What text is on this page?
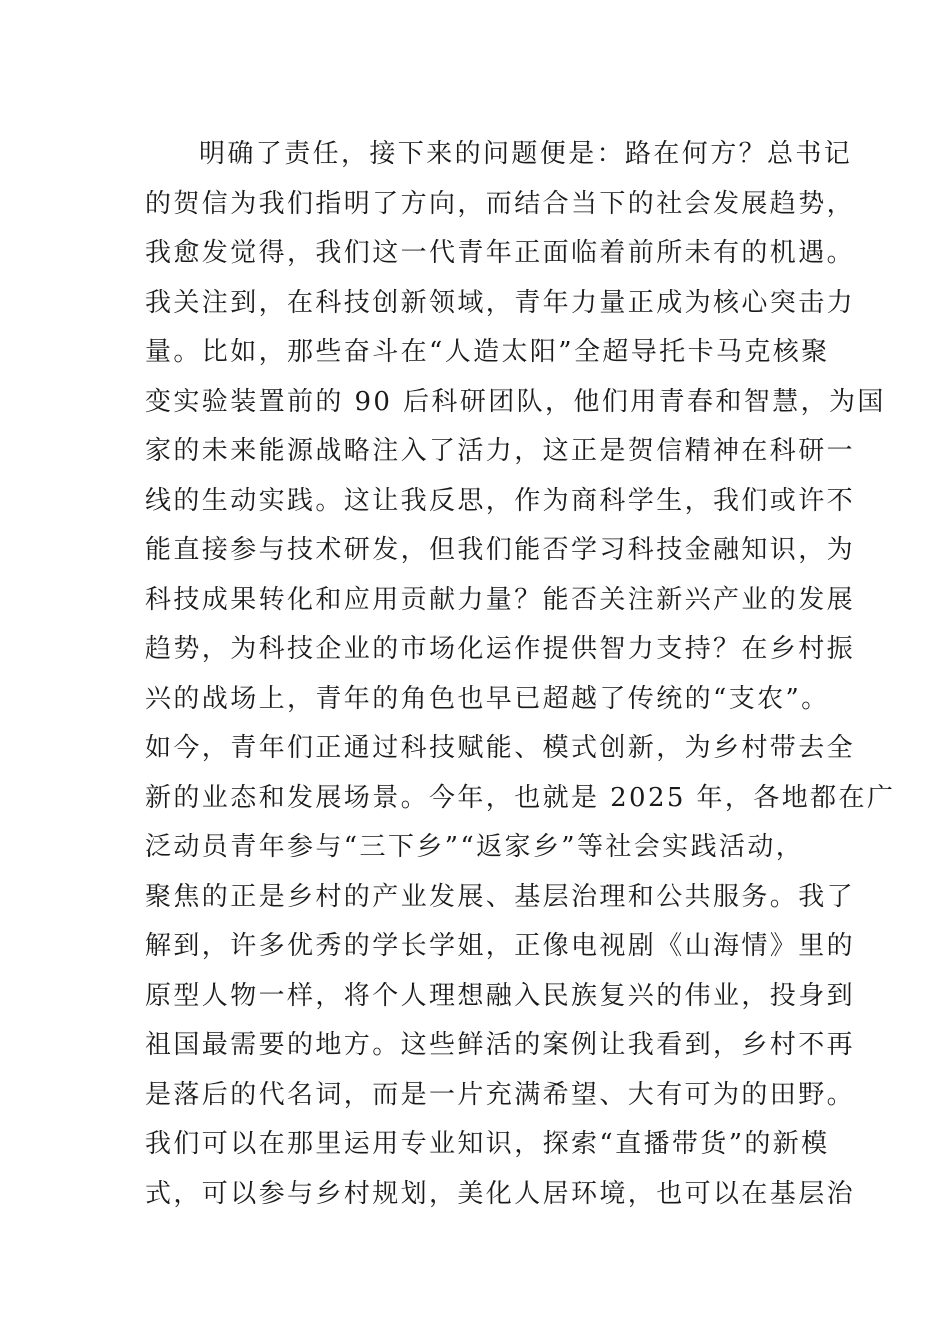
明确了责任，接下来的问题便是：路在何方？总书记
的贺信为我们指明了方向，而结合当下的社会发展趋势，
我愈发觉得，我们这一代青年正面临着前所未有的机遇。
我关注到，在科技创新领域，青年力量正成为核心突击力
量。比如，那些奋斗在“人造太阳”全超导托卡马克核聚
变实验装置前的 90 后科研团队，他们用青春和智慧，为国
家的未来能源战略注入了活力，这正是贺信精神在科研一
线的生动实践。这让我反思，作为商科学生，我们或许不
能直接参与技术研发，但我们能否学习科技金融知识，为
科技成果转化和应用贡献力量？能否关注新兴产业的发展
趋势，为科技企业的市场化运作提供智力支持？在乡村振
兴的战场上，青年的角色也早已超越了传统的“支农”。
如今，青年们正通过科技赋能、模式创新，为乡村带去全
新的业态和发展场景。今年，也就是 2025 年，各地都在广
泛动员青年参与“三下乡”“返家乡”等社会实践活动，
聚焦的正是乡村的产业发展、基层治理和公共服务。我了
解到，许多优秀的学长学姐，正像电视剧《山海情》里的
原型人物一样，将个人理想融入民族复兴的伟业，投身到
祖国最需要的地方。这些鲜活的案例让我看到，乡村不再
是落后的代名词，而是一片充满希望、大有可为的田野。
我们可以在那里运用专业知识，探索“直播带货”的新模
式，可以参与乡村规划，美化人居环境，也可以在基层治
